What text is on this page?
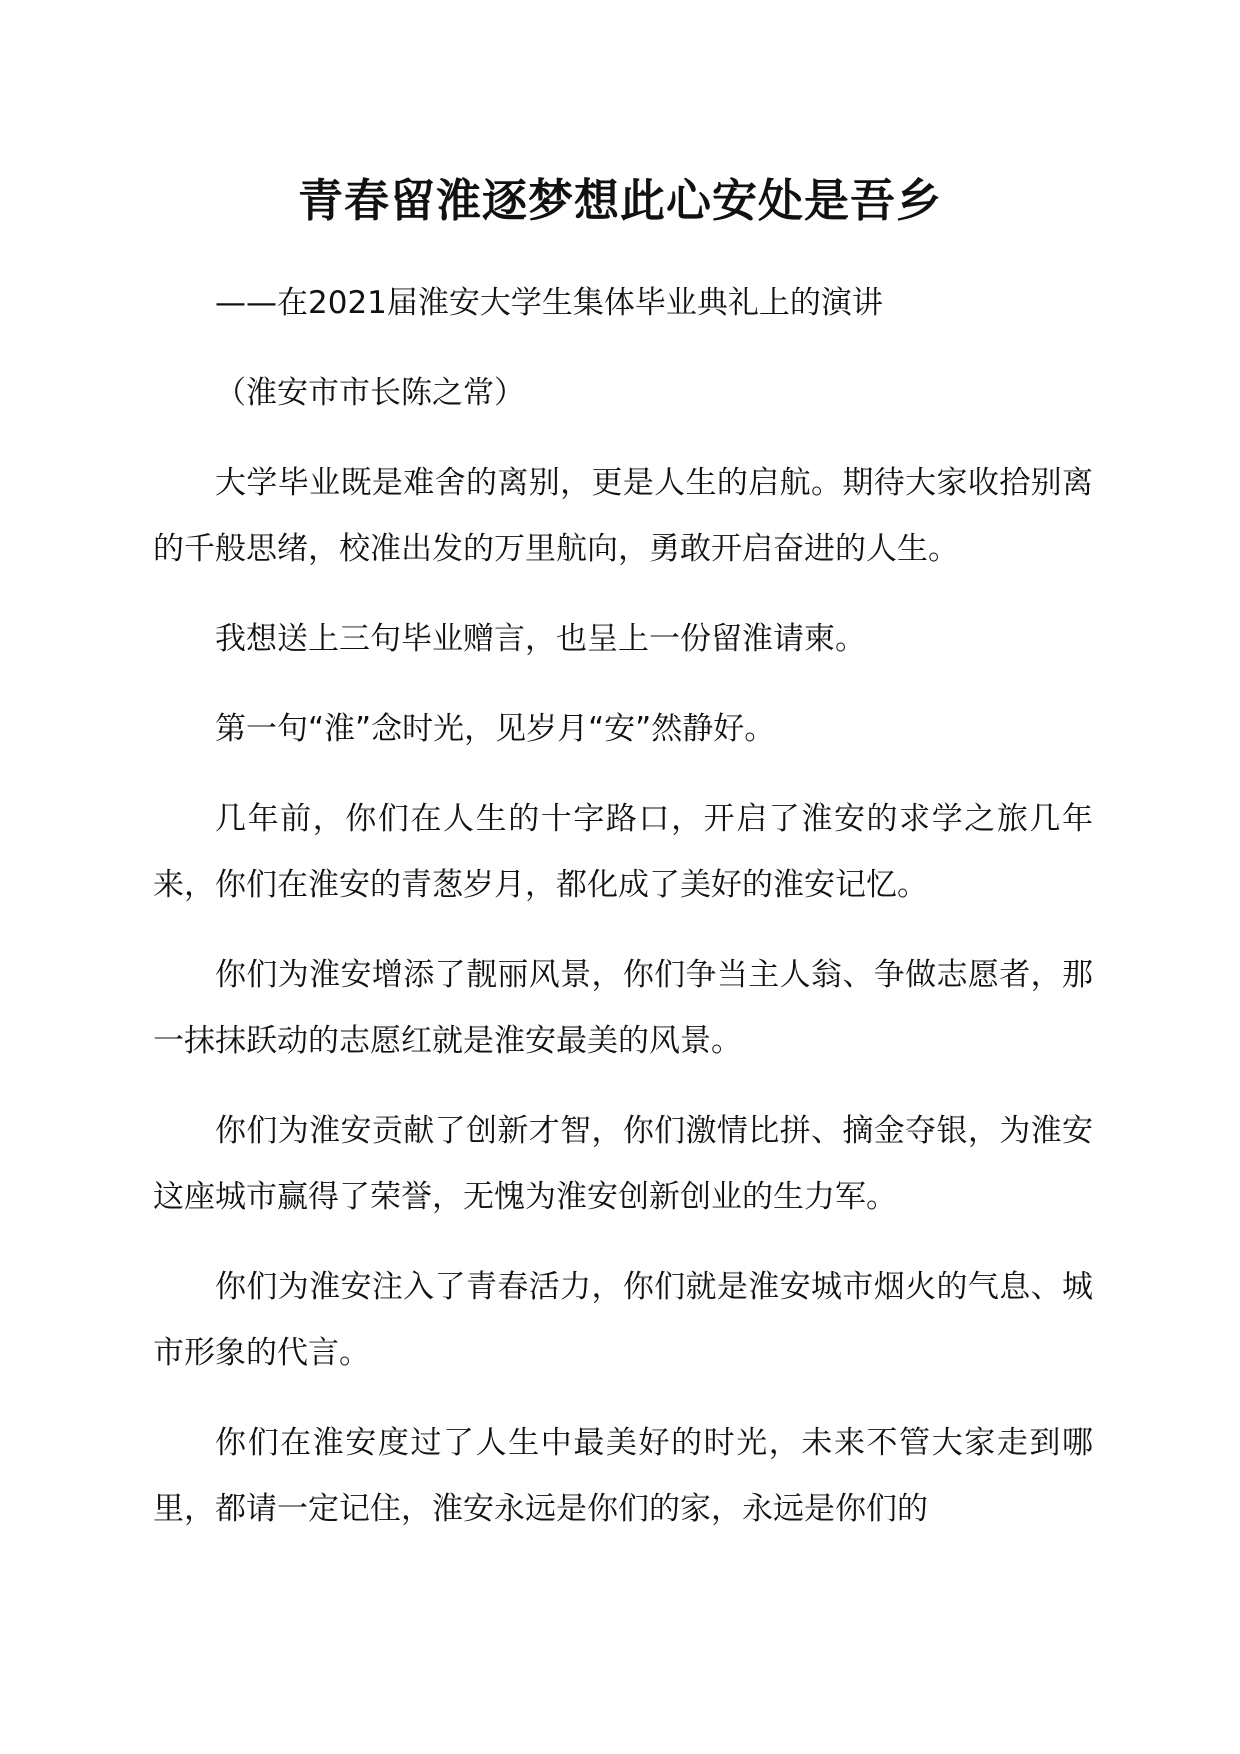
青春留淮逐梦想此心安处是吾乡

——在2021届淮安大学生集体毕业典礼上的演讲

（淮安市市长陈之常）

大学毕业既是难舍的离别，更是人生的启航。期待大家收拾别离的千般思绪，校准出发的万里航向，勇敢开启奋进的人生。

我想送上三句毕业赠言，也呈上一份留淮请柬。

第一句“淮”念时光，见岁月“安”然静好。

几年前，你们在人生的十字路口，开启了淮安的求学之旅几年来，你们在淮安的青葱岁月，都化成了美好的淮安记忆。

你们为淮安增添了靓丽风景，你们争当主人翁、争做志愿者，那一抹抹跃动的志愿红就是淮安最美的风景。

你们为淮安贡献了创新才智，你们激情比拼、摘金夺银，为淮安这座城市赢得了荣誉，无愧为淮安创新创业的生力军。

你们为淮安注入了青春活力，你们就是淮安城市烟火的气息、城市形象的代言。

你们在淮安度过了人生中最美好的时光，未来不管大家走到哪里，都请一定记住，淮安永远是你们的家，永远是你们的
